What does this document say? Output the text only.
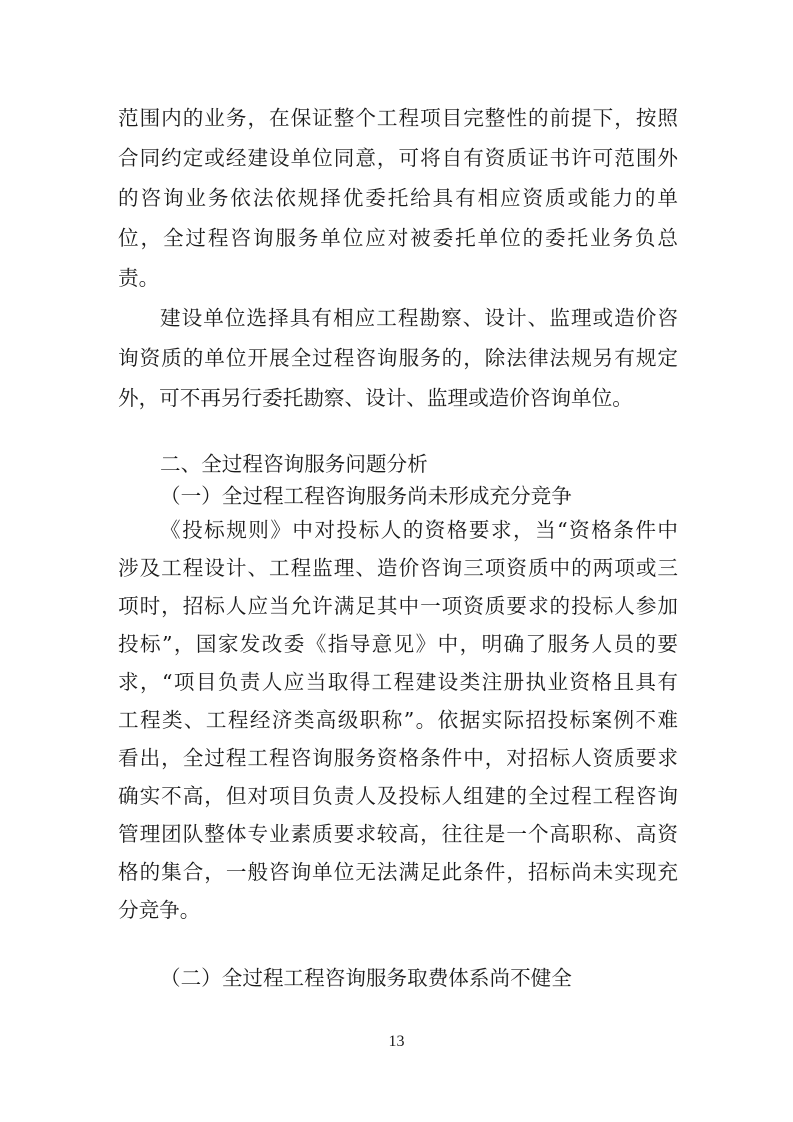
范围内的业务，在保证整个工程项目完整性的前提下，按照
合同约定或经建设单位同意，可将自有资质证书许可范围外
的咨询业务依法依规择优委托给具有相应资质或能力的单
位，全过程咨询服务单位应对被委托单位的委托业务负总
责。
建设单位选择具有相应工程勘察、设计、监理或造价咨
询资质的单位开展全过程咨询服务的，除法律法规另有规定
外，可不再另行委托勘察、设计、监理或造价咨询单位。
二、全过程咨询服务问题分析
（一）全过程工程咨询服务尚未形成充分竞争
《投标规则》中对投标人的资格要求，当“资格条件中
涉及工程设计、工程监理、造价咨询三项资质中的两项或三
项时，招标人应当允许满足其中一项资质要求的投标人参加
投标”，国家发改委《指导意见》中，明确了服务人员的要
求，“项目负责人应当取得工程建设类注册执业资格且具有
工程类、工程经济类高级职称”。依据实际招投标案例不难
看出，全过程工程咨询服务资格条件中，对招标人资质要求
确实不高，但对项目负责人及投标人组建的全过程工程咨询
管理团队整体专业素质要求较高，往往是一个高职称、高资
格的集合，一般咨询单位无法满足此条件，招标尚未实现充
分竞争。
（二）全过程工程咨询服务取费体系尚不健全
13
